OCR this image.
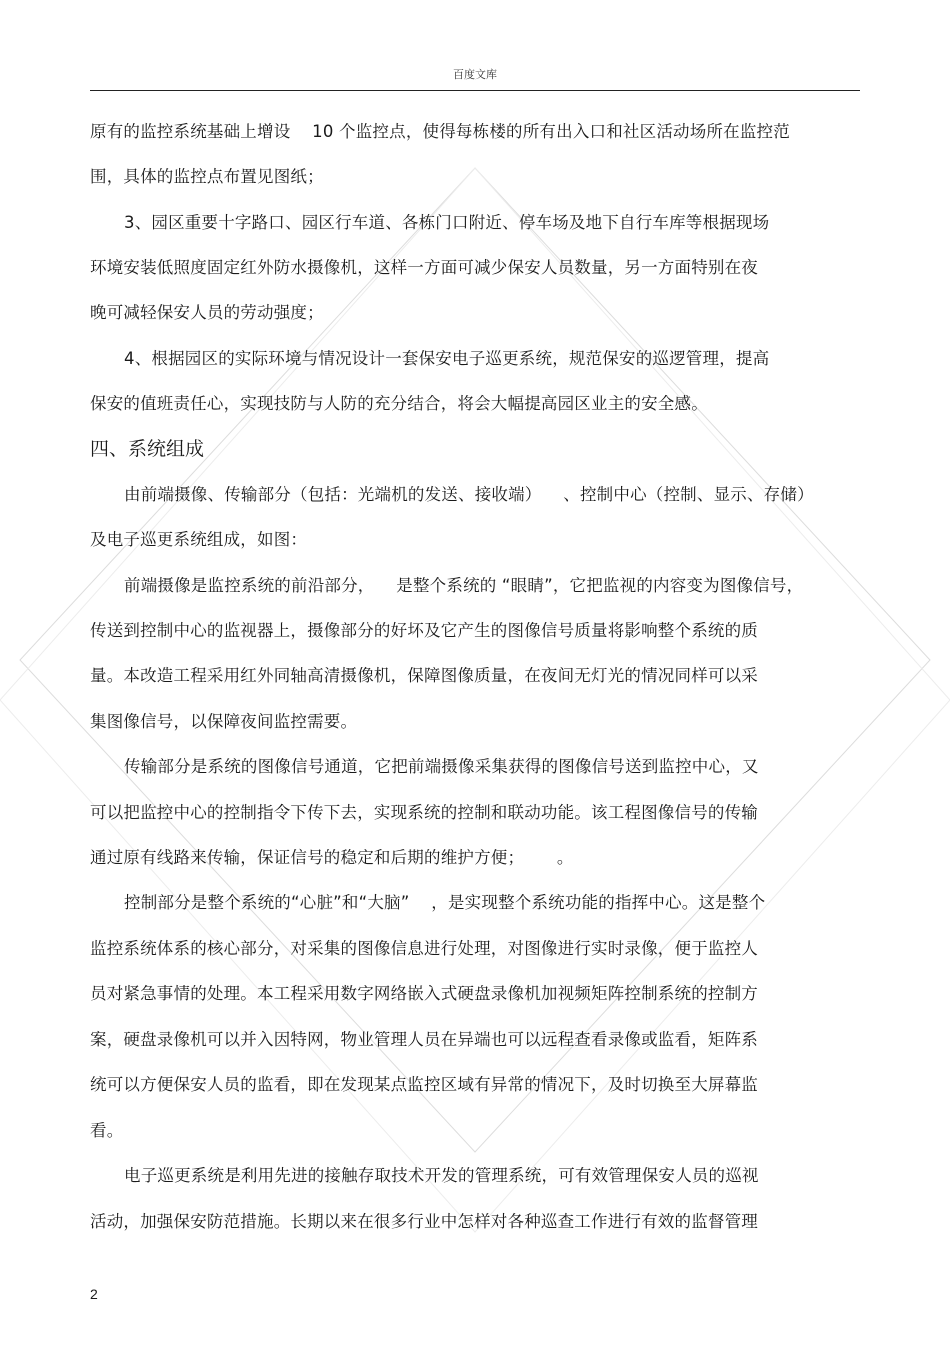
百度文库
原有的监控系统基础上增设    10 个监控点，使得每栋楼的所有出入口和社区活动场所在监控范
围，具体的监控点布置见图纸；
3、园区重要十字路口、园区行车道、各栋门口附近、停车场及地下自行车库等根据现场
环境安装低照度固定红外防水摄像机，这样一方面可减少保安人员数量，另一方面特别在夜
晚可减轻保安人员的劳动强度；
4、根据园区的实际环境与情况设计一套保安电子巡更系统，规范保安的巡逻管理，提高
保安的值班责任心，实现技防与人防的充分结合，将会大幅提高园区业主的安全感。
四、系统组成
由前端摄像、传输部分（包括：光端机的发送、接收端）    、控制中心（控制、显示、存储）
及电子巡更系统组成，如图：
前端摄像是监控系统的前沿部分，    是整个系统的 “眼睛”，它把监视的内容变为图像信号，
传送到控制中心的监视器上，摄像部分的好坏及它产生的图像信号质量将影响整个系统的质
量。本改造工程采用红外同轴高清摄像机，保障图像质量，在夜间无灯光的情况同样可以采
集图像信号，以保障夜间监控需要。
传输部分是系统的图像信号通道，它把前端摄像采集获得的图像信号送到监控中心，又
可以把监控中心的控制指令下传下去，实现系统的控制和联动功能。该工程图像信号的传输
通过原有线路来传输，保证信号的稳定和后期的维护方便；      。
控制部分是整个系统的“心脏”和“大脑”    ，是实现整个系统功能的指挥中心。这是整个
监控系统体系的核心部分，对采集的图像信息进行处理，对图像进行实时录像，便于监控人
员对紧急事情的处理。本工程采用数字网络嵌入式硬盘录像机加视频矩阵控制系统的控制方
案，硬盘录像机可以并入因特网，物业管理人员在异端也可以远程查看录像或监看，矩阵系
统可以方便保安人员的监看，即在发现某点监控区域有异常的情况下，及时切换至大屏幕监
看。
电子巡更系统是利用先进的接触存取技术开发的管理系统，可有效管理保安人员的巡视
活动，加强保安防范措施。长期以来在很多行业中怎样对各种巡查工作进行有效的监督管理
2
